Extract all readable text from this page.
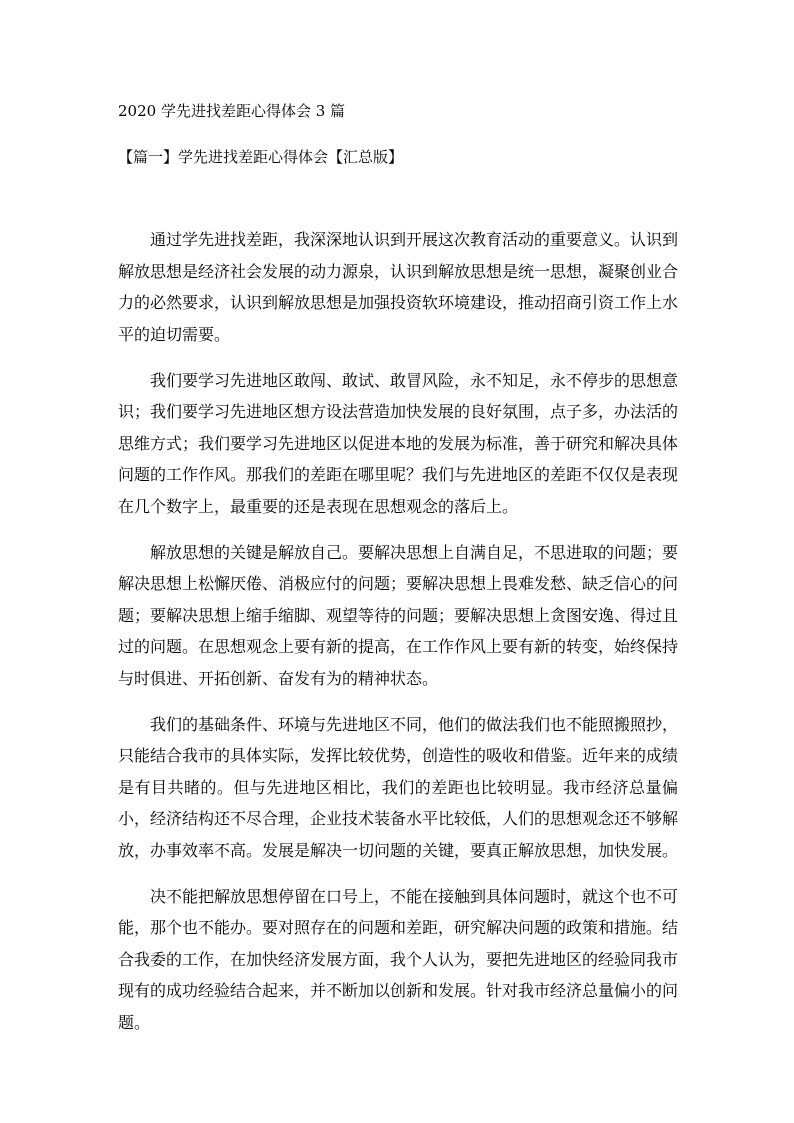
2020 学先进找差距心得体会 3 篇
【篇一】学先进找差距心得体会【汇总版】

通过学先进找差距，我深深地认识到开展这次教育活动的重要意义。认识到解放思想是经济社会发展的动力源泉，认识到解放思想是统一思想，凝聚创业合力的必然要求，认识到解放思想是加强投资软环境建设，推动招商引资工作上水平的迫切需要。

我们要学习先进地区敢闯、敢试、敢冒风险，永不知足，永不停步的思想意识；我们要学习先进地区想方设法营造加快发展的良好氛围，点子多，办法活的思维方式；我们要学习先进地区以促进本地的发展为标准，善于研究和解决具体问题的工作作风。那我们的差距在哪里呢？我们与先进地区的差距不仅仅是表现在几个数字上，最重要的还是表现在思想观念的落后上。

解放思想的关键是解放自己。要解决思想上自满自足，不思进取的问题；要解决思想上松懈厌倦、消极应付的问题；要解决思想上畏难发愁、缺乏信心的问题；要解决思想上缩手缩脚、观望等待的问题；要解决思想上贪图安逸、得过且过的问题。在思想观念上要有新的提高，在工作作风上要有新的转变，始终保持与时俱进、开拓创新、奋发有为的精神状态。

我们的基础条件、环境与先进地区不同，他们的做法我们也不能照搬照抄，只能结合我市的具体实际，发挥比较优势，创造性的吸收和借鉴。近年来的成绩是有目共睹的。但与先进地区相比，我们的差距也比较明显。我市经济总量偏小，经济结构还不尽合理，企业技术装备水平比较低，人们的思想观念还不够解放，办事效率不高。发展是解决一切问题的关键，要真正解放思想，加快发展。

决不能把解放思想停留在口号上，不能在接触到具体问题时，就这个也不可能，那个也不能办。要对照存在的问题和差距，研究解决问题的政策和措施。结合我委的工作，在加快经济发展方面，我个人认为，要把先进地区的经验同我市现有的成功经验结合起来，并不断加以创新和发展。针对我市经济总量偏小的问题。
